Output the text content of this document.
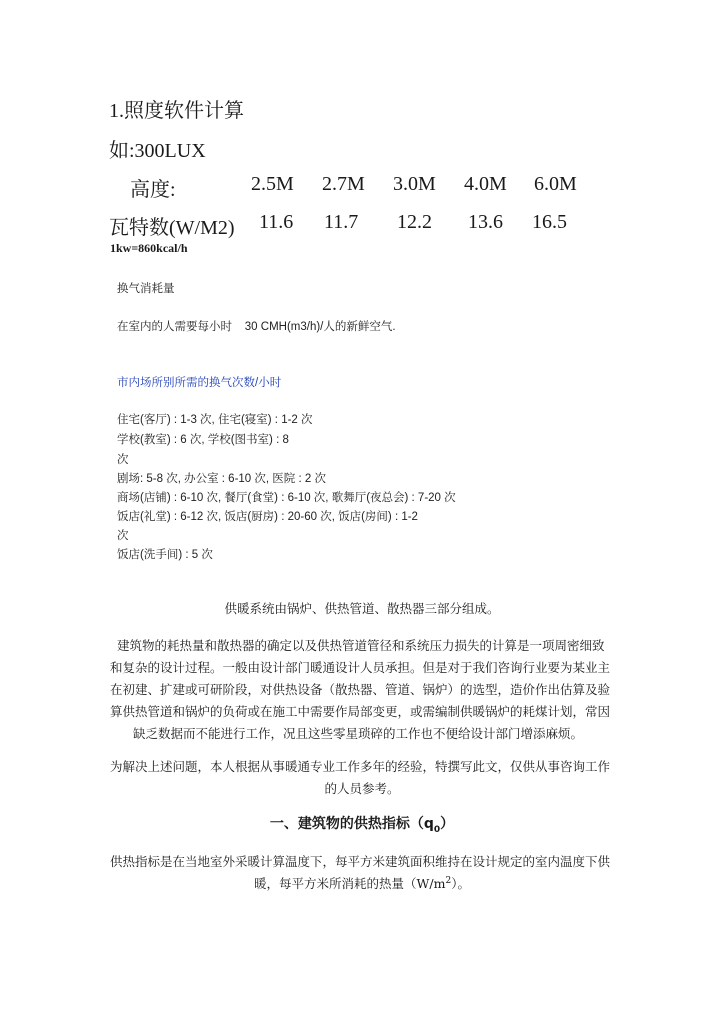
1.照度软件计算
如:300LUX
高度:	2.5M 2.7M 3.0M 4.0M 6.0M
瓦特数(W/M2) 11.6 11.7 12.2 13.6 16.5
1kw=860kcal/h
换气消耗量
在室内的人需要每小时    30 CMH(m3/h)/人的新鲜空气.
市内场所别所需的换气次数/小时
住宅(客厅) : 1-3 次, 住宅(寝室) : 1-2 次
学校(教室) : 6 次, 学校(图书室) : 8
次
剧场: 5-8 次, 办公室 : 6-10 次, 医院 : 2 次
商场(店铺) : 6-10 次, 餐厅(食堂) : 6-10 次, 歌舞厅(夜总会) : 7-20 次
饭店(礼堂) : 6-12 次, 饭店(厨房) : 20-60 次, 饭店(房间) : 1-2
次
饭店(洗手间) : 5 次
供暖系统由锅炉、供热管道、散热器三部分组成。
建筑物的耗热量和散热器的确定以及供热管道管径和系统压力损失的计算是一项周密细致
和复杂的设计过程。一般由设计部门暖通设计人员承担。但是对于我们咨询行业要为某业主
在初建、扩建或可研阶段，对供热设备（散热器、管道、锅炉）的选型，造价作出估算及验
算供热管道和锅炉的负荷或在施工中需要作局部变更，或需编制供暖锅炉的耗煤计划，常因
缺乏数据而不能进行工作，况且这些零星琐碎的工作也不便给设计部门增添麻烦。
为解决上述问题，本人根据从事暖通专业工作多年的经验，特撰写此文，仅供从事咨询工作
的人员参考。
一、建筑物的供热指标$(q_0)$
供热指标是在当地室外采暖计算温度下，每平方米建筑面积维持在设计规定的室内温度下供
暖，每平方米所消耗的热量$(W/m^2)$。
